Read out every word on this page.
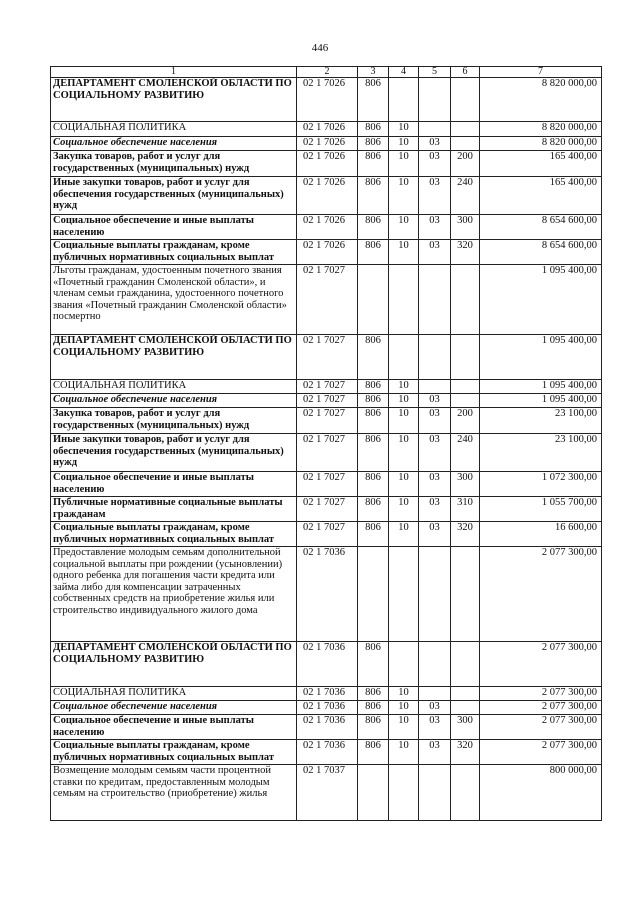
446
1	2	3	4	5	6	7
ДЕПАРТАМЕНТ СМОЛЕНСКОЙ ОБЛАСТИ ПО СОЦИАЛЬНОМУ РАЗВИТИЮ	02 1 7026	806				8 820 000,00
СОЦИАЛЬНАЯ ПОЛИТИКА	02 1 7026	806	10			8 820 000,00
Социальное обеспечение населения	02 1 7026	806	10	03		8 820 000,00
Закупка товаров, работ и услуг для государственных (муниципальных) нужд	02 1 7026	806	10	03	200	165 400,00
Иные закупки товаров, работ и услуг для обеспечения государственных (муниципальных) нужд	02 1 7026	806	10	03	240	165 400,00
Социальное обеспечение и иные выплаты населению	02 1 7026	806	10	03	300	8 654 600,00
Социальные выплаты гражданам, кроме публичных нормативных социальных выплат	02 1 7026	806	10	03	320	8 654 600,00
Льготы гражданам, удостоенным почетного звания «Почетный гражданин Смоленской области», и членам семьи гражданина, удостоенного почетного звания «Почетный гражданин Смоленской области» посмертно	02 1 7027					1 095 400,00
ДЕПАРТАМЕНТ СМОЛЕНСКОЙ ОБЛАСТИ ПО СОЦИАЛЬНОМУ РАЗВИТИЮ	02 1 7027	806				1 095 400,00
СОЦИАЛЬНАЯ ПОЛИТИКА	02 1 7027	806	10			1 095 400,00
Социальное обеспечение населения	02 1 7027	806	10	03		1 095 400,00
Закупка товаров, работ и услуг для государственных (муниципальных) нужд	02 1 7027	806	10	03	200	23 100,00
Иные закупки товаров, работ и услуг для обеспечения государственных (муниципальных) нужд	02 1 7027	806	10	03	240	23 100,00
Социальное обеспечение и иные выплаты населению	02 1 7027	806	10	03	300	1 072 300,00
Публичные нормативные социальные выплаты гражданам	02 1 7027	806	10	03	310	1 055 700,00
Социальные выплаты гражданам, кроме публичных нормативных социальных выплат	02 1 7027	806	10	03	320	16 600,00
Предоставление молодым семьям дополнительной социальной выплаты при рождении (усыновлении) одного ребенка для погашения части кредита или займа либо для компенсации затраченных собственных средств на приобретение жилья или строительство индивидуального жилого дома	02 1 7036					2 077 300,00
ДЕПАРТАМЕНТ СМОЛЕНСКОЙ ОБЛАСТИ ПО СОЦИАЛЬНОМУ РАЗВИТИЮ	02 1 7036	806				2 077 300,00
СОЦИАЛЬНАЯ ПОЛИТИКА	02 1 7036	806	10			2 077 300,00
Социальное обеспечение населения	02 1 7036	806	10	03		2 077 300,00
Социальное обеспечение и иные выплаты населению	02 1 7036	806	10	03	300	2 077 300,00
Социальные выплаты гражданам, кроме публичных нормативных социальных выплат	02 1 7036	806	10	03	320	2 077 300,00
Возмещение молодым семьям части процентной ставки по кредитам, предоставленным молодым семьям на строительство (приобретение) жилья	02 1 7037					800 000,00
